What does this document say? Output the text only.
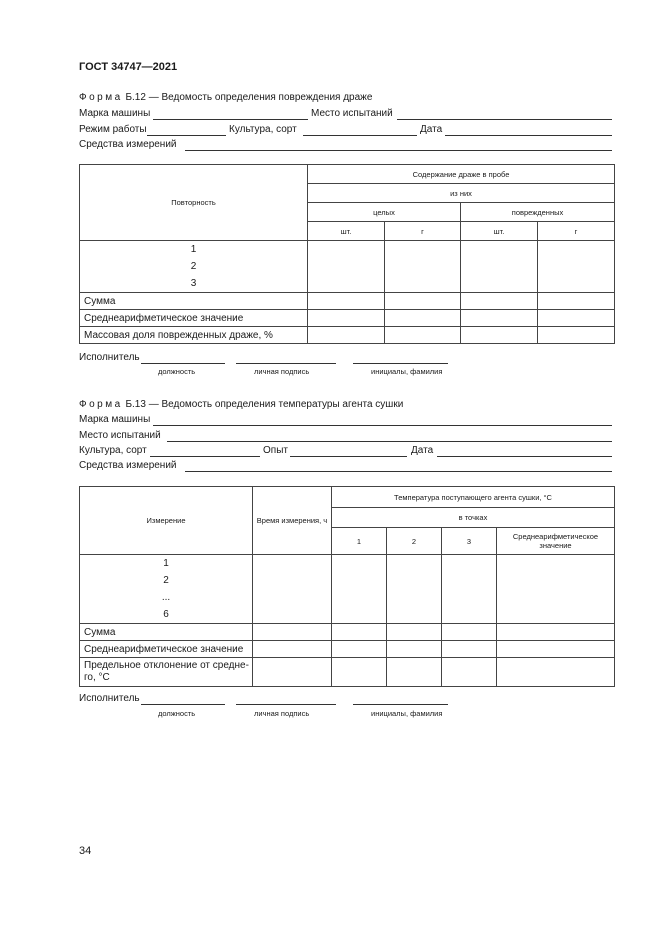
ГОСТ 34747—2021
Форма Б.12 — Ведомость определения повреждения драже
Марка машины	Место испытаний
Режим работы	Культура, сорт	Дата
Средства измерений
Повторность	Содержание драже в пробе			
	из них			
	целых		поврежденных	
	шт.	г	шт.	г

1
2
3				

Сумма				
Среднеарифметическое значение				
Массовая доля поврежденных драже, %				
Исполнитель
должность	личная подпись	инициалы, фамилия
Форма Б.13 — Ведомость определения температуры агента сушки
Марка машины
Место испытаний
Культура, сорт	Опыт	Дата
Средства измерений
Измерение	Время измерения, ч	Температура поступающего агента сушки, °С			
		в точках			
		1	2	3	Среднеарифметическое значение

1
2
...
6					

Сумма					
Среднеарифметическое значение					
Предельное отклонение от средне-го, °С					
Исполнитель
должность	личная подпись	инициалы, фамилия
34
